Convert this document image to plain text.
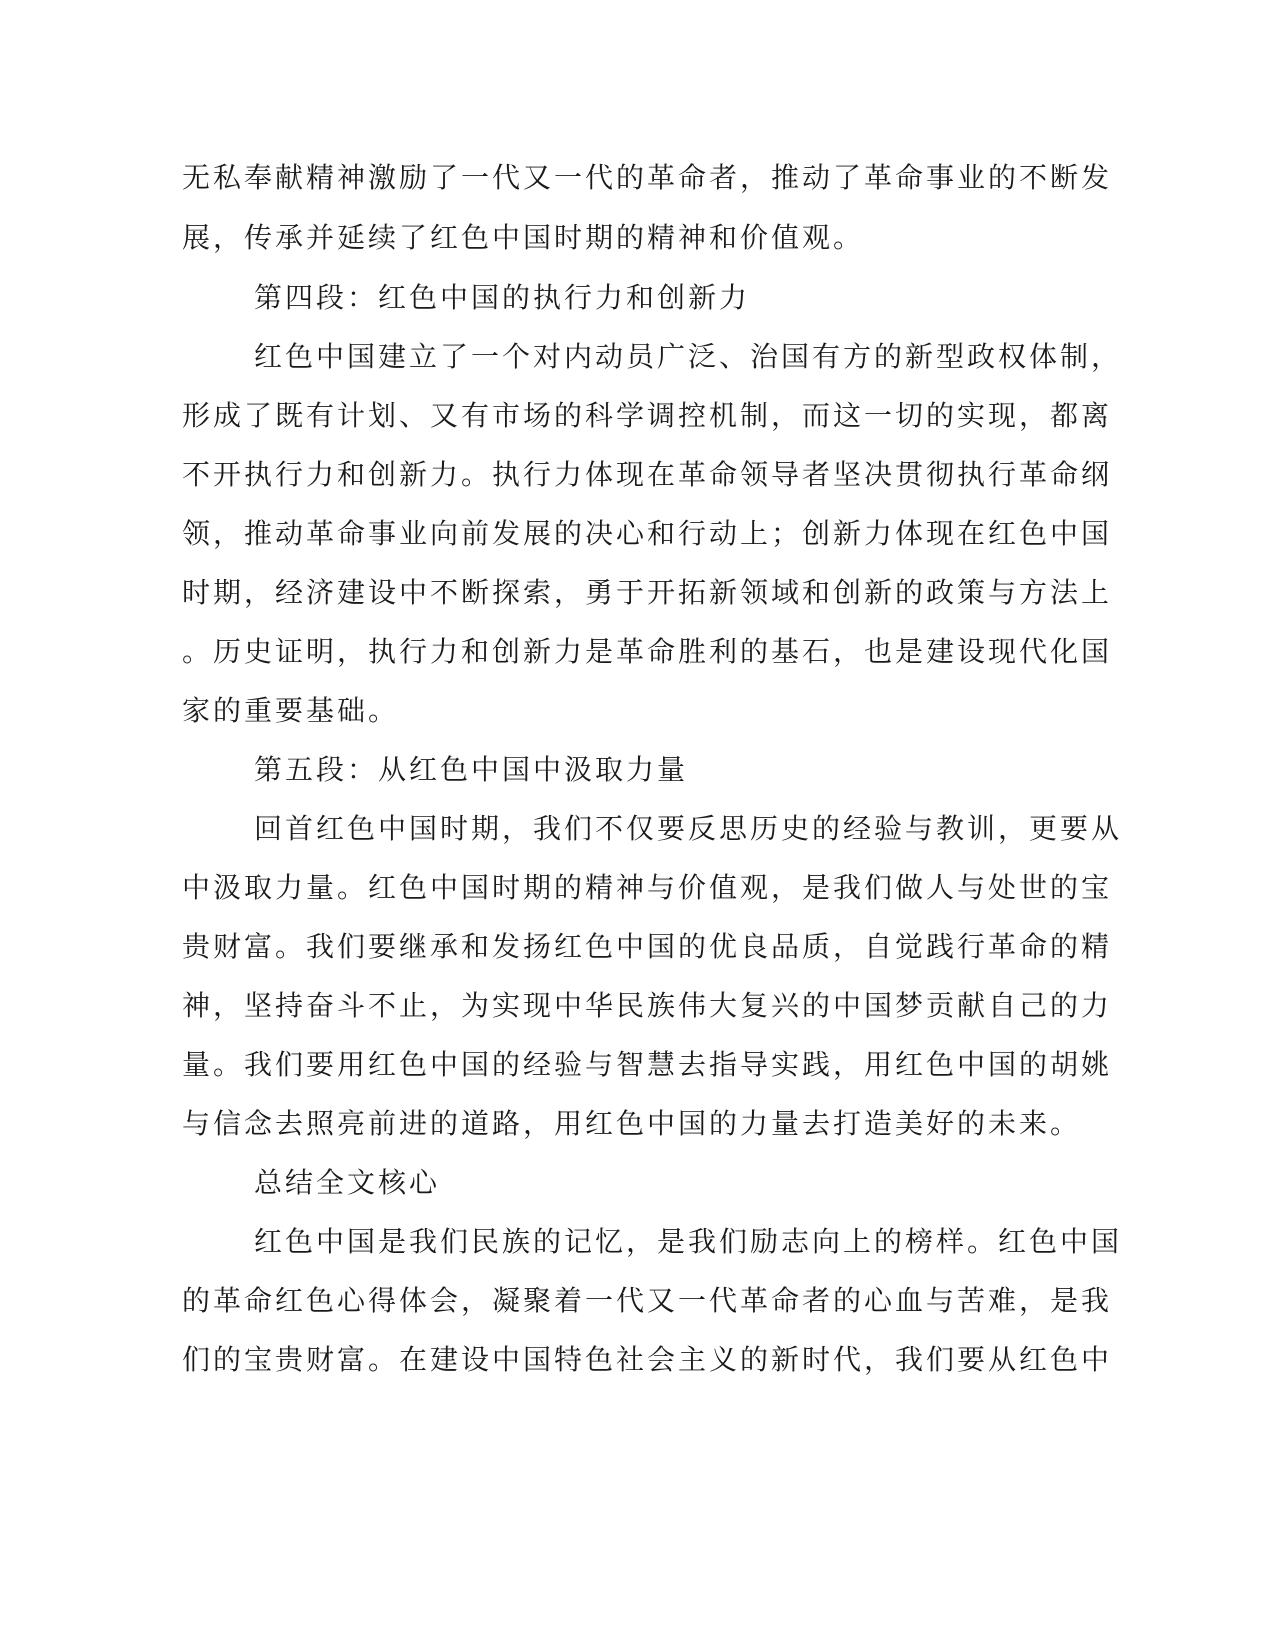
无私奉献精神激励了一代又一代的革命者，推动了革命事业的不断发
展，传承并延续了红色中国时期的精神和价值观。
第四段：红色中国的执行力和创新力
红色中国建立了一个对内动员广泛、治国有方的新型政权体制，
形成了既有计划、又有市场的科学调控机制，而这一切的实现，都离
不开执行力和创新力。执行力体现在革命领导者坚决贯彻执行革命纲
领，推动革命事业向前发展的决心和行动上；创新力体现在红色中国
时期，经济建设中不断探索，勇于开拓新领域和创新的政策与方法上
。历史证明，执行力和创新力是革命胜利的基石，也是建设现代化国
家的重要基础。
第五段：从红色中国中汲取力量
回首红色中国时期，我们不仅要反思历史的经验与教训，更要从
中汲取力量。红色中国时期的精神与价值观，是我们做人与处世的宝
贵财富。我们要继承和发扬红色中国的优良品质，自觉践行革命的精
神，坚持奋斗不止，为实现中华民族伟大复兴的中国梦贡献自己的力
量。我们要用红色中国的经验与智慧去指导实践，用红色中国的胡姚
与信念去照亮前进的道路，用红色中国的力量去打造美好的未来。
总结全文核心
红色中国是我们民族的记忆，是我们励志向上的榜样。红色中国
的革命红色心得体会，凝聚着一代又一代革命者的心血与苦难，是我
们的宝贵财富。在建设中国特色社会主义的新时代，我们要从红色中
